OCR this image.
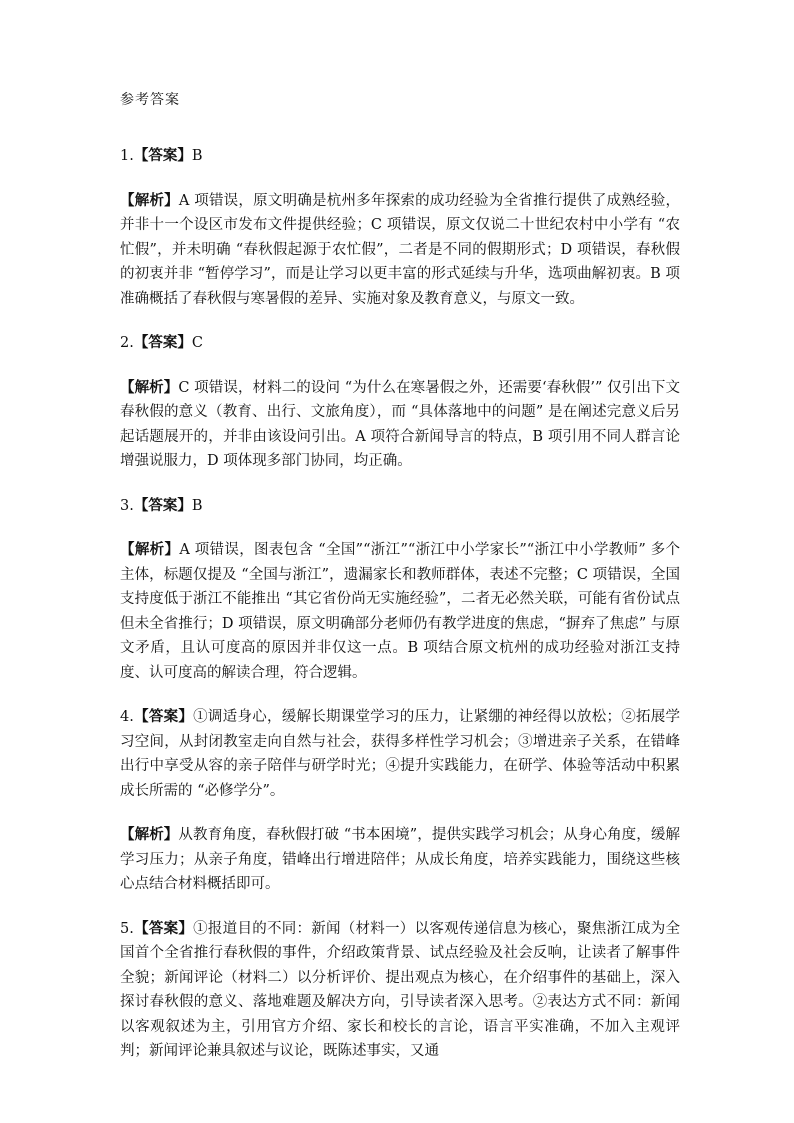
参考答案
1.【答案】B
【解析】A 项错误，原文明确是杭州多年探索的成功经验为全省推行提供了成熟经验，并非十一个设区市发布文件提供经验；C 项错误，原文仅说二十世纪农村中小学有 “农忙假”，并未明确 “春秋假起源于农忙假”，二者是不同的假期形式；D 项错误，春秋假的初衷并非 “暂停学习”，而是让学习以更丰富的形式延续与升华，选项曲解初衷。B 项准确概括了春秋假与寒暑假的差异、实施对象及教育意义，与原文一致。
2.【答案】C
【解析】C 项错误，材料二的设问 “为什么在寒暑假之外，还需要‘春秋假’” 仅引出下文春秋假的意义（教育、出行、文旅角度），而 “具体落地中的问题” 是在阐述完意义后另起话题展开的，并非由该设问引出。A 项符合新闻导言的特点，B 项引用不同人群言论增强说服力，D 项体现多部门协同，均正确。
3.【答案】B
【解析】A 项错误，图表包含 “全国”“浙江”“浙江中小学家长”“浙江中小学教师” 多个主体，标题仅提及 “全国与浙江”，遗漏家长和教师群体，表述不完整；C 项错误，全国支持度低于浙江不能推出 “其它省份尚无实施经验”，二者无必然关联，可能有省份试点但未全省推行；D 项错误，原文明确部分老师仍有教学进度的焦虑，“摒弃了焦虑” 与原文矛盾，且认可度高的原因并非仅这一点。B 项结合原文杭州的成功经验对浙江支持度、认可度高的解读合理，符合逻辑。
4.【答案】①调适身心，缓解长期课堂学习的压力，让紧绷的神经得以放松；②拓展学习空间，从封闭教室走向自然与社会，获得多样性学习机会；③增进亲子关系，在错峰出行中享受从容的亲子陪伴与研学时光；④提升实践能力，在研学、体验等活动中积累成长所需的 “必修学分”。
【解析】从教育角度，春秋假打破 “书本困境”，提供实践学习机会；从身心角度，缓解学习压力；从亲子角度，错峰出行增进陪伴；从成长角度，培养实践能力，围绕这些核心点结合材料概括即可。
5.【答案】①报道目的不同：新闻（材料一）以客观传递信息为核心，聚焦浙江成为全国首个全省推行春秋假的事件，介绍政策背景、试点经验及社会反响，让读者了解事件全貌；新闻评论（材料二）以分析评价、提出观点为核心，在介绍事件的基础上，深入探讨春秋假的意义、落地难题及解决方向，引导读者深入思考。②表达方式不同：新闻以客观叙述为主，引用官方介绍、家长和校长的言论，语言平实准确，不加入主观评判；新闻评论兼具叙述与议论，既陈述事实，又通
